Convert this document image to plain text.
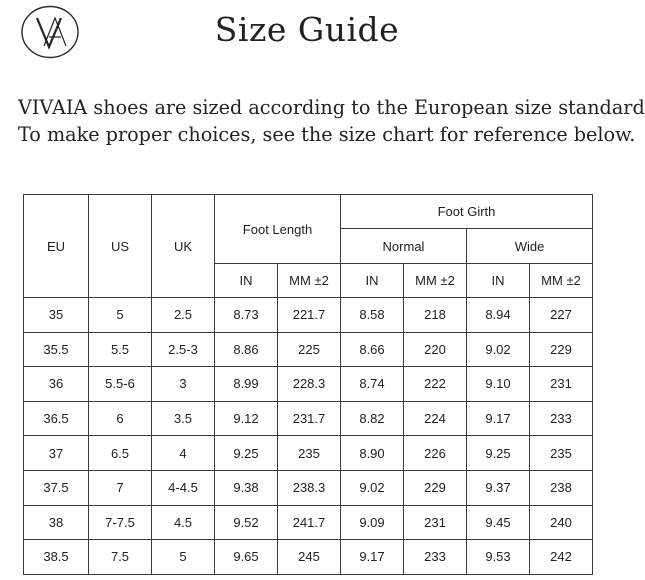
Size Guide
VIVAIA shoes are sized according to the European size standard
To make proper choices, see the size chart for reference below.
EU	US	UK	Foot Length		Foot Girth			
					Normal		Wide	
			IN	MM ±2	IN	MM ±2	IN	MM ±2
35	5	2.5	8.73	221.7	8.58	218	8.94	227
35.5	5.5	2.5-3	8.86	225	8.66	220	9.02	229
36	5.5-6	3	8.99	228.3	8.74	222	9.10	231
36.5	6	3.5	9.12	231.7	8.82	224	9.17	233
37	6.5	4	9.25	235	8.90	226	9.25	235
37.5	7	4-4.5	9.38	238.3	9.02	229	9.37	238
38	7-7.5	4.5	9.52	241.7	9.09	231	9.45	240
38.5	7.5	5	9.65	245	9.17	233	9.53	242
